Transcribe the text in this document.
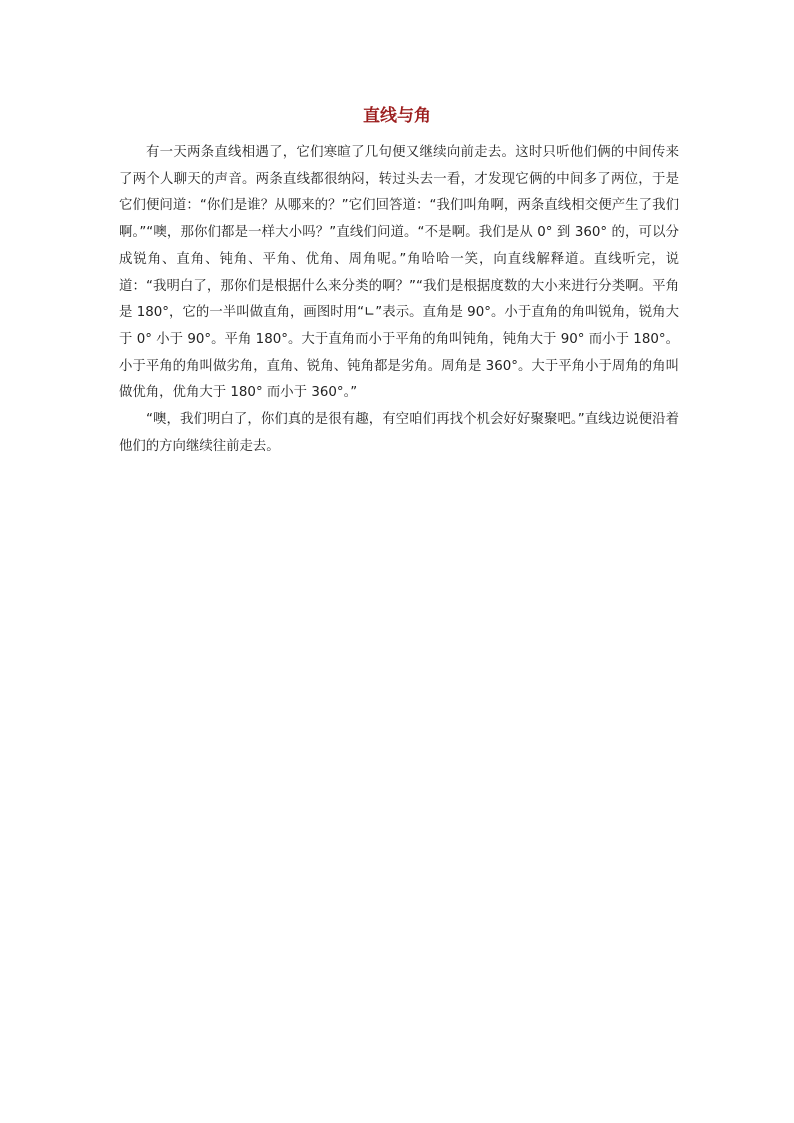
直线与角

有一天两条直线相遇了，它们寒暄了几句便又继续向前走去。这时只听他们俩的中间传来了两个人聊天的声音。两条直线都很纳闷，转过头去一看，才发现它俩的中间多了两位，于是它们便问道：“你们是谁？从哪来的？”它们回答道：“我们叫角啊，两条直线相交便产生了我们啊。”“噢，那你们都是一样大小吗？”直线们问道。“不是啊。我们是从 0° 到 360° 的，可以分成锐角、直角、钝角、平角、优角、周角呢。”角哈哈一笑，向直线解释道。直线听完，说道：“我明白了，那你们是根据什么来分类的啊？”“我们是根据度数的大小来进行分类啊。平角是 180°，它的一半叫做直角，画图时用“∟”表示。直角是 90°。小于直角的角叫锐角，锐角大于 0° 小于 90°。平角 180°。大于直角而小于平角的角叫钝角，钝角大于 90° 而小于 180°。小于平角的角叫做劣角，直角、锐角、钝角都是劣角。周角是 360°。大于平角小于周角的角叫做优角，优角大于 180° 而小于 360°。”

“噢，我们明白了，你们真的是很有趣，有空咱们再找个机会好好聚聚吧。”直线边说便沿着他们的方向继续往前走去。
